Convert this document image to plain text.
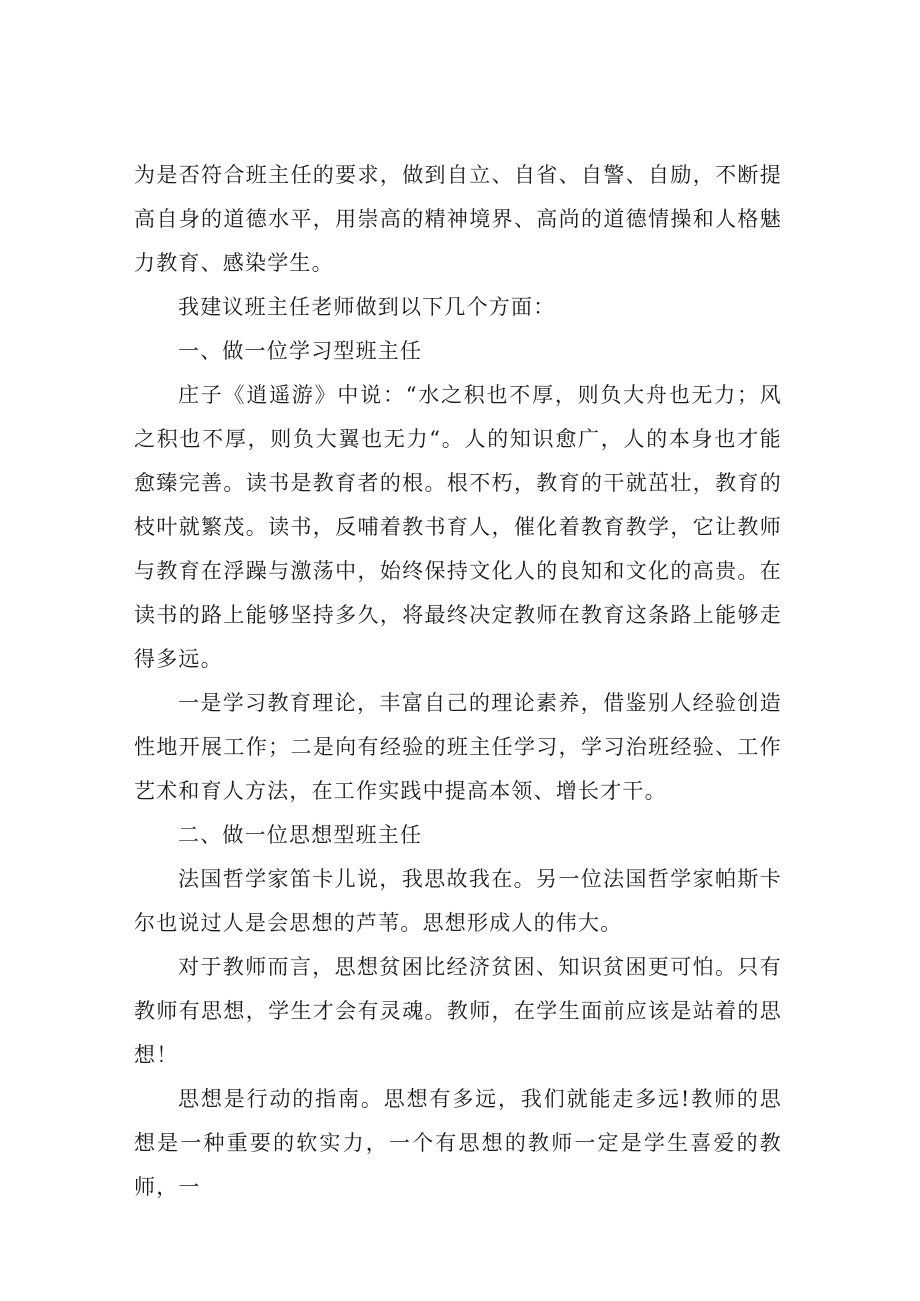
为是否符合班主任的要求，做到自立、自省、自警、自励，不断提高自身的道德水平，用崇高的精神境界、高尚的道德情操和人格魅力教育、感染学生。

我建议班主任老师做到以下几个方面：

一、做一位学习型班主任

庄子《逍遥游》中说：“水之积也不厚，则负大舟也无力；风之积也不厚，则负大翼也无力“。人的知识愈广，人的本身也才能愈臻完善。读书是教育者的根。根不朽，教育的干就茁壮，教育的枝叶就繁茂。读书，反哺着教书育人，催化着教育教学，它让教师与教育在浮躁与激荡中，始终保持文化人的良知和文化的高贵。在读书的路上能够坚持多久，将最终决定教师在教育这条路上能够走得多远。

一是学习教育理论，丰富自己的理论素养，借鉴别人经验创造性地开展工作；二是向有经验的班主任学习，学习治班经验、工作艺术和育人方法，在工作实践中提高本领、增长才干。

二、做一位思想型班主任

法国哲学家笛卡儿说，我思故我在。另一位法国哲学家帕斯卡尔也说过人是会思想的芦苇。思想形成人的伟大。

对于教师而言，思想贫困比经济贫困、知识贫困更可怕。只有教师有思想，学生才会有灵魂。教师，在学生面前应该是站着的思想！

思想是行动的指南。思想有多远，我们就能走多远!教师的思想是一种重要的软实力，一个有思想的教师一定是学生喜爱的教师，一
